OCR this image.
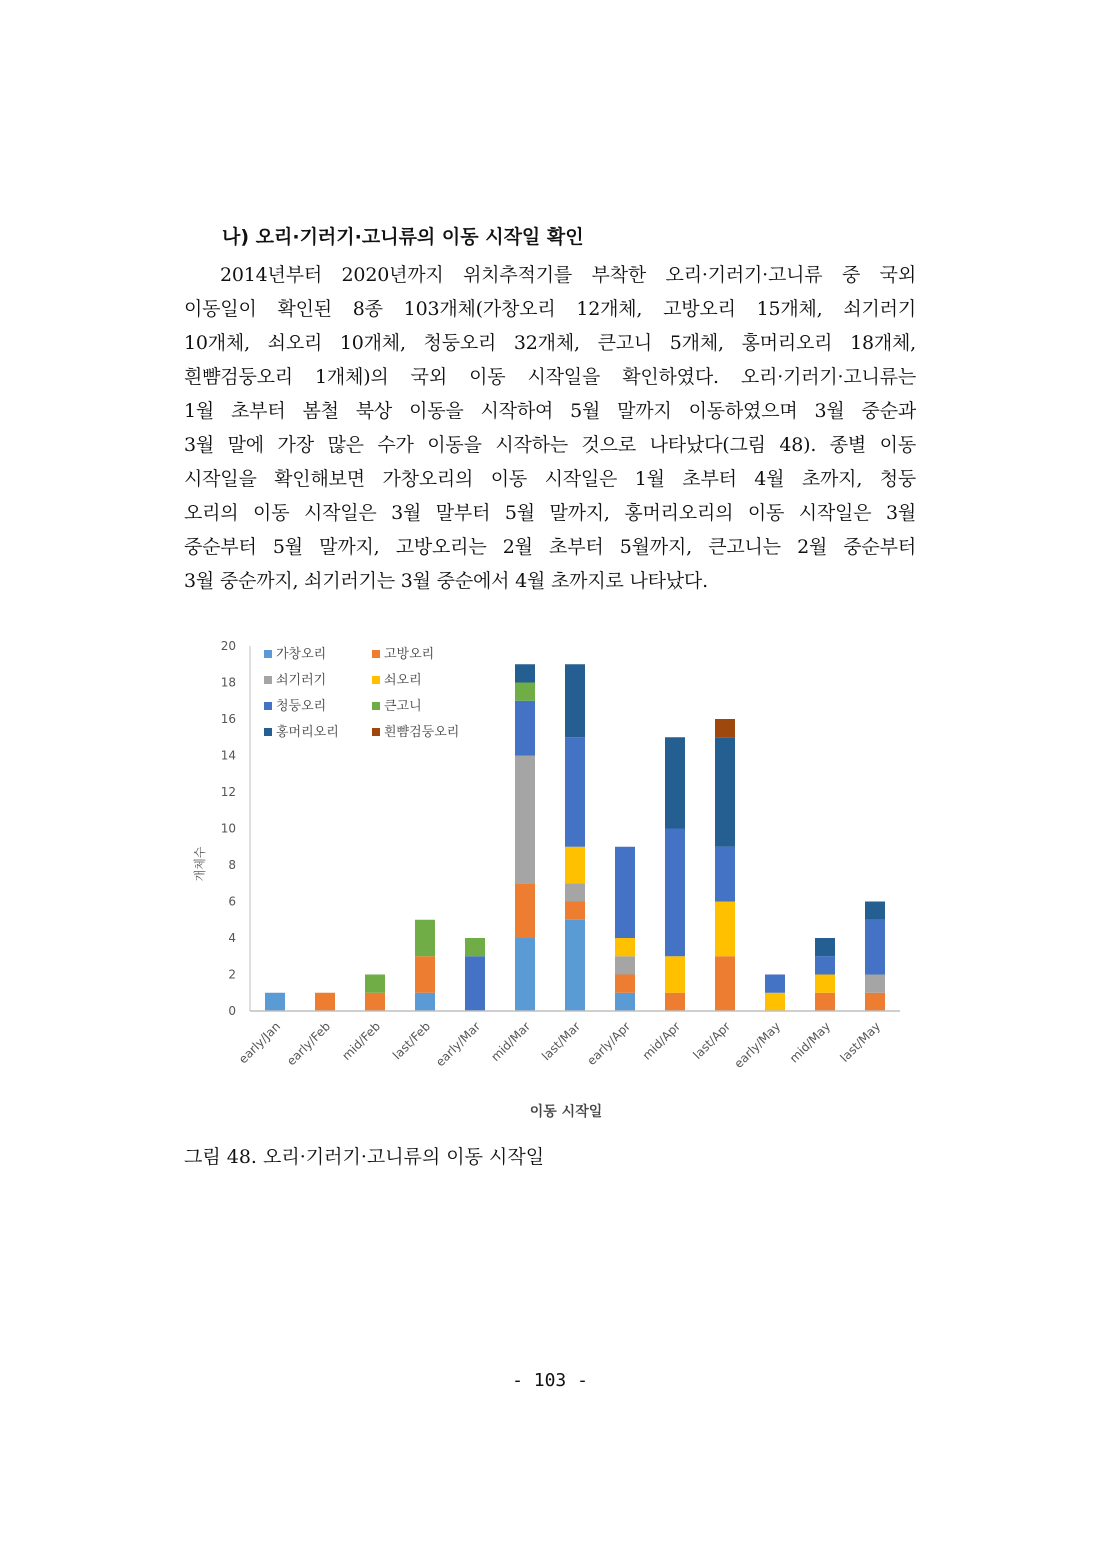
나) 오리·기러기·고니류의 이동 시작일 확인
2014년부터 2020년까지 위치추적기를 부착한 오리·기러기·고니류 중 국외
이동일이 확인된 8종 103개체(가창오리 12개체, 고방오리 15개체, 쇠기러기
10개체, 쇠오리 10개체, 청둥오리 32개체, 큰고니 5개체, 홍머리오리 18개체,
흰뺨검둥오리 1개체)의 국외 이동 시작일을 확인하였다. 오리·기러기·고니류는
1월 초부터 봄철 북상 이동을 시작하여 5월 말까지 이동하였으며 3월 중순과
3월 말에 가장 많은 수가 이동을 시작하는 것으로 나타났다(그림 48). 종별 이동
시작일을 확인해보면 가창오리의 이동 시작일은 1월 초부터 4월 초까지, 청둥
오리의 이동 시작일은 3월 말부터 5월 말까지, 홍머리오리의 이동 시작일은 3월
중순부터 5월 말까지, 고방오리는 2월 초부터 5월까지, 큰고니는 2월 중순부터
3월 중순까지, 쇠기러기는 3월 중순에서 4월 초까지로 나타났다.
0
2
4
6
8
10
12
14
16
18
20
early/Jan early/Feb mid/Feb last/Feb early/Mar mid/Mar last/Mar early/Apr mid/Apr last/Apr
early/May mid/May last/May
가창오리	고방오리
쇠기러기	쇠오리
청둥오리	큰고니
홍머리오리	흰뺨검둥오리
개체수
이동 시작일

그림 48. 오리·기러기·고니류의 이동 시작일

- 103 -
